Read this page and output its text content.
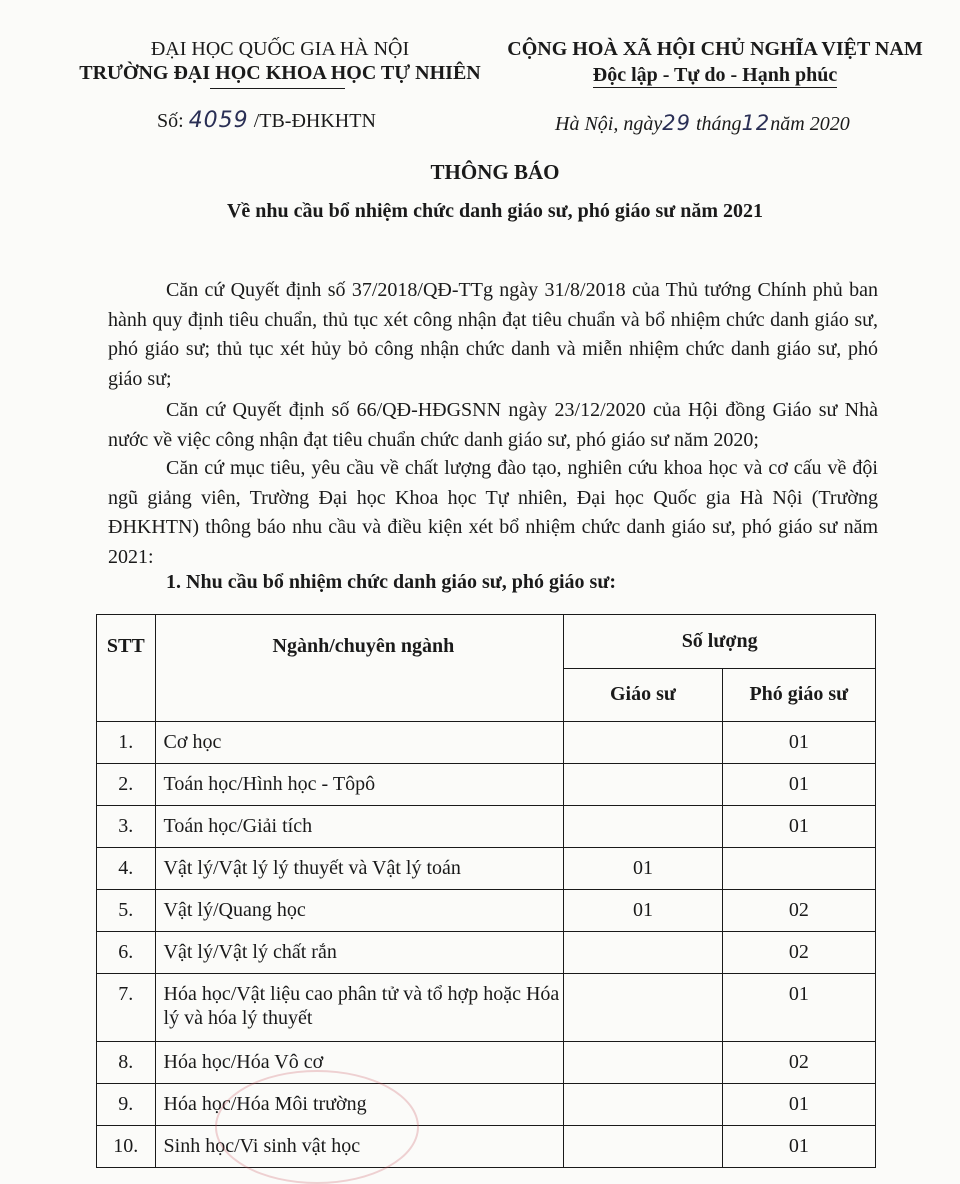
ĐẠI HỌC QUỐC GIA HÀ NỘI
TRƯỜNG ĐẠI HỌC KHOA HỌC TỰ NHIÊN
CỘNG HOÀ XÃ HỘI CHỦ NGHĨA VIỆT NAM
Độc lập - Tự do - Hạnh phúc
Số: 4059 /TB-ĐHKHTN	Hà Nội, ngày29 tháng12năm 2020
THÔNG BÁO
Về nhu cầu bổ nhiệm chức danh giáo sư, phó giáo sư năm 2021
Căn cứ Quyết định số 37/2018/QĐ-TTg ngày 31/8/2018 của Thủ tướng Chính phủ ban hành quy định tiêu chuẩn, thủ tục xét công nhận đạt tiêu chuẩn và bổ nhiệm chức danh giáo sư, phó giáo sư; thủ tục xét hủy bỏ công nhận chức danh và miễn nhiệm chức danh giáo sư, phó giáo sư;
Căn cứ Quyết định số 66/QĐ-HĐGSNN ngày 23/12/2020 của Hội đồng Giáo sư Nhà nước về việc công nhận đạt tiêu chuẩn chức danh giáo sư, phó giáo sư năm 2020;
Căn cứ mục tiêu, yêu cầu về chất lượng đào tạo, nghiên cứu khoa học và cơ cấu về đội ngũ giảng viên, Trường Đại học Khoa học Tự nhiên, Đại học Quốc gia Hà Nội (Trường ĐHKHTN) thông báo nhu cầu và điều kiện xét bổ nhiệm chức danh giáo sư, phó giáo sư năm 2021:
1. Nhu cầu bổ nhiệm chức danh giáo sư, phó giáo sư:
STT	Ngành/chuyên ngành	Số lượng	
		Giáo sư	Phó giáo sư
1.	Cơ học		01
2.	Toán học/Hình học - Tôpô		01
3.	Toán học/Giải tích		01
4.	Vật lý/Vật lý lý thuyết và Vật lý toán	01	
5.	Vật lý/Quang học	01	02
6.	Vật lý/Vật lý chất rắn		02
7.	Hóa học/Vật liệu cao phân tử và tổ hợp hoặc Hóa lý và hóa lý thuyết		01
8.	Hóa học/Hóa Vô cơ		02
9.	Hóa học/Hóa Môi trường		01
10.	Sinh học/Vi sinh vật học		01
